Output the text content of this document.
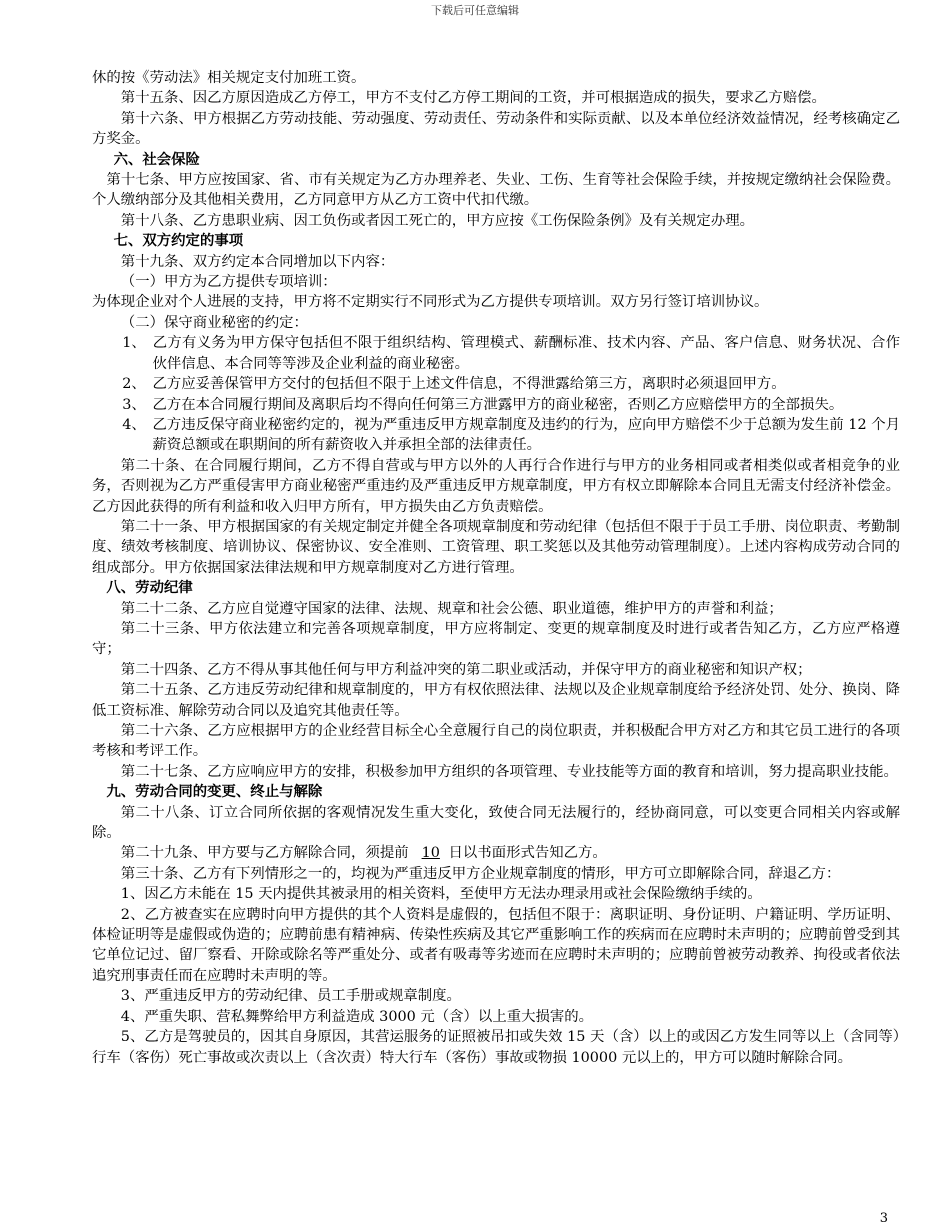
下载后可任意编辑

休的按《劳动法》相关规定支付加班工资。

第十五条、因乙方原因造成乙方停工，甲方不支付乙方停工期间的工资，并可根据造成的损失，要求乙方赔偿。

第十六条、甲方根据乙方劳动技能、劳动强度、劳动责任、劳动条件和实际贡献、以及本单位经济效益情况，经考核确定乙方奖金。

六、社会保险

第十七条、甲方应按国家、省、市有关规定为乙方办理养老、失业、工伤、生育等社会保险手续，并按规定缴纳社会保险费。个人缴纳部分及其他相关费用，乙方同意甲方从乙方工资中代扣代缴。

第十八条、乙方患职业病、因工负伤或者因工死亡的，甲方应按《工伤保险条例》及有关规定办理。

七、双方约定的事项

第十九条、双方约定本合同增加以下内容：

（一）甲方为乙方提供专项培训：

为体现企业对个人进展的支持，甲方将不定期实行不同形式为乙方提供专项培训。双方另行签订培训协议。

（二）保守商业秘密的约定：

1、 乙方有义务为甲方保守包括但不限于组织结构、管理模式、薪酬标准、技术内容、产品、客户信息、财务状况、合作伙伴信息、本合同等等涉及企业利益的商业秘密。

2、 乙方应妥善保管甲方交付的包括但不限于上述文件信息，不得泄露给第三方，离职时必须退回甲方。

3、 乙方在本合同履行期间及离职后均不得向任何第三方泄露甲方的商业秘密，否则乙方应赔偿甲方的全部损失。

4、 乙方违反保守商业秘密约定的，视为严重违反甲方规章制度及违约的行为，应向甲方赔偿不少于总额为发生前 12 个月薪资总额或在职期间的所有薪资收入并承担全部的法律责任。

第二十条、在合同履行期间，乙方不得自营或与甲方以外的人再行合作进行与甲方的业务相同或者相类似或者相竞争的业务，否则视为乙方严重侵害甲方商业秘密严重违约及严重违反甲方规章制度，甲方有权立即解除本合同且无需支付经济补偿金。乙方因此获得的所有利益和收入归甲方所有，甲方损失由乙方负责赔偿。

第二十一条、甲方根据国家的有关规定制定并健全各项规章制度和劳动纪律（包括但不限于于员工手册、岗位职责、考勤制度、绩效考核制度、培训协议、保密协议、安全准则、工资管理、职工奖惩以及其他劳动管理制度）。上述内容构成劳动合同的组成部分。甲方依据国家法律法规和甲方规章制度对乙方进行管理。

八、劳动纪律

第二十二条、乙方应自觉遵守国家的法律、法规、规章和社会公德、职业道德，维护甲方的声誉和利益；

第二十三条、甲方依法建立和完善各项规章制度，甲方应将制定、变更的规章制度及时进行或者告知乙方，乙方应严格遵守；

第二十四条、乙方不得从事其他任何与甲方利益冲突的第二职业或活动，并保守甲方的商业秘密和知识产权；

第二十五条、乙方违反劳动纪律和规章制度的，甲方有权依照法律、法规以及企业规章制度给予经济处罚、处分、换岗、降低工资标准、解除劳动合同以及追究其他责任等。

第二十六条、乙方应根据甲方的企业经营目标全心全意履行自己的岗位职责，并积极配合甲方对乙方和其它员工进行的各项考核和考评工作。

第二十七条、乙方应响应甲方的安排，积极参加甲方组织的各项管理、专业技能等方面的教育和培训，努力提高职业技能。

九、劳动合同的变更、终止与解除

第二十八条、订立合同所依据的客观情况发生重大变化，致使合同无法履行的，经协商同意，可以变更合同相关内容或解除。

第二十九条、甲方要与乙方解除合同，须提前 10 日以书面形式告知乙方。

第三十条、乙方有下列情形之一的，均视为严重违反甲方企业规章制度的情形，甲方可立即解除合同，辞退乙方：

1、因乙方未能在 15 天内提供其被录用的相关资料，至使甲方无法办理录用或社会保险缴纳手续的。

2、乙方被查实在应聘时向甲方提供的其个人资料是虚假的，包括但不限于：离职证明、身份证明、户籍证明、学历证明、体检证明等是虚假或伪造的；应聘前患有精神病、传染性疾病及其它严重影响工作的疾病而在应聘时未声明的；应聘前曾受到其它单位记过、留厂察看、开除或除名等严重处分、或者有吸毒等劣迹而在应聘时未声明的；应聘前曾被劳动教养、拘役或者依法追究刑事责任而在应聘时未声明的等。

3、严重违反甲方的劳动纪律、员工手册或规章制度。

4、严重失职、营私舞弊给甲方利益造成 3000 元（含）以上重大损害的。

5、乙方是驾驶员的，因其自身原因，其营运服务的证照被吊扣或失效 15 天（含）以上的或因乙方发生同等以上（含同等）行车（客伤）死亡事故或次责以上（含次责）特大行车（客伤）事故或物损 10000 元以上的，甲方可以随时解除合同。

3
